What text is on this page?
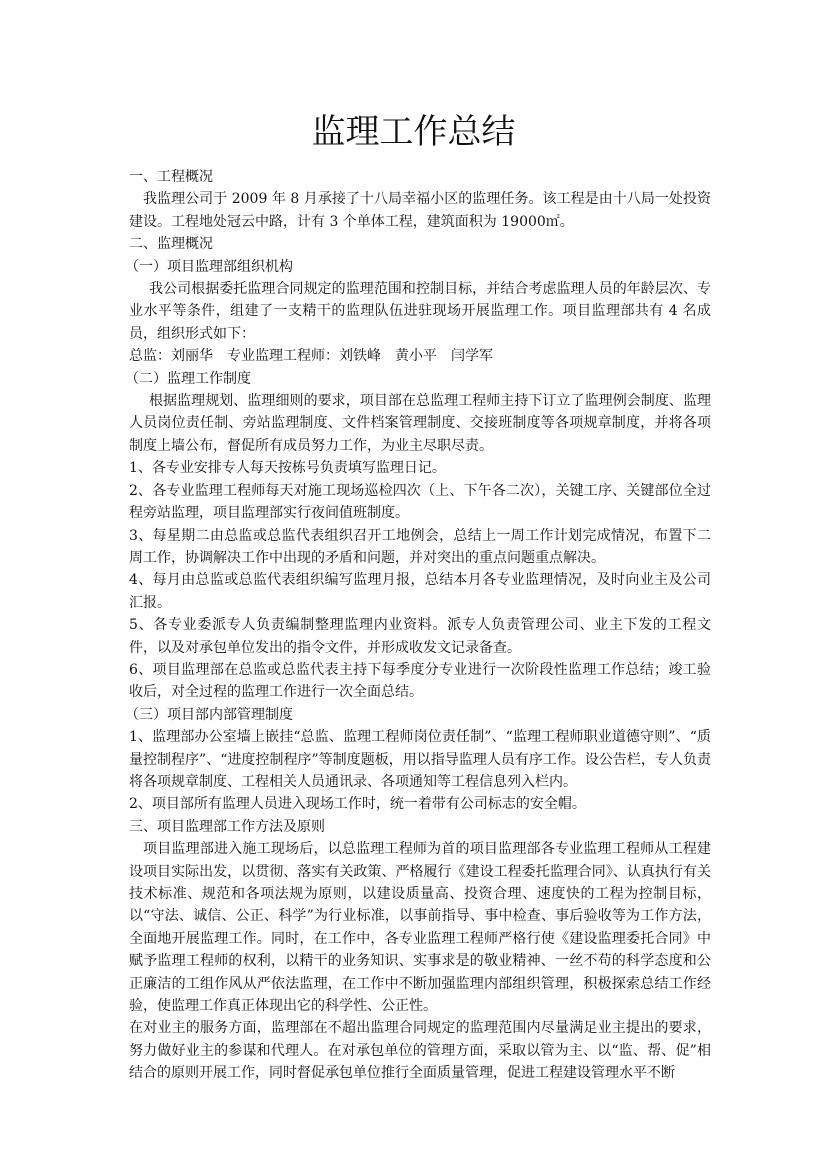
监理工作总结

一、工程概况

我监理公司于 2009 年 8 月承接了十八局幸福小区的监理任务。该工程是由十八局一处投资建设。工程地处冠云中路，计有 3 个单体工程，建筑面积为 19000㎡。

二、监理概况

（一）项目监理部组织机构

我公司根据委托监理合同规定的监理范围和控制目标，并结合考虑监理人员的年龄层次、专业水平等条件，组建了一支精干的监理队伍进驻现场开展监理工作。项目监理部共有 4 名成员，组织形式如下：

总监：刘丽华　专业监理工程师：刘铁峰　黄小平　闫学军

（二）监理工作制度

根据监理规划、监理细则的要求，项目部在总监理工程师主持下订立了监理例会制度、监理人员岗位责任制、旁站监理制度、文件档案管理制度、交接班制度等各项规章制度，并将各项制度上墙公布，督促所有成员努力工作，为业主尽职尽责。

1、各专业安排专人每天按栋号负责填写监理日记。

2、各专业监理工程师每天对施工现场巡检四次（上、下午各二次），关键工序、关键部位全过程旁站监理，项目监理部实行夜间值班制度。

3、每星期二由总监或总监代表组织召开工地例会，总结上一周工作计划完成情况，布置下二周工作，协调解决工作中出现的矛盾和问题，并对突出的重点问题重点解决。

4、每月由总监或总监代表组织编写监理月报，总结本月各专业监理情况，及时向业主及公司汇报。

5、各专业委派专人负责编制整理监理内业资料。派专人负责管理公司、业主下发的工程文件，以及对承包单位发出的指令文件，并形成收发文记录备查。

6、项目监理部在总监或总监代表主持下每季度分专业进行一次阶段性监理工作总结；竣工验收后，对全过程的监理工作进行一次全面总结。

（三）项目部内部管理制度

1、监理部办公室墙上嵌挂“总监、监理工程师岗位责任制”、“监理工程师职业道德守则”、“质量控制程序”、“进度控制程序”等制度题板，用以指导监理人员有序工作。设公告栏，专人负责将各项规章制度、工程相关人员通讯录、各项通知等工程信息列入栏内。

2、项目部所有监理人员进入现场工作时，统一着带有公司标志的安全帽。

三、项目监理部工作方法及原则

项目监理部进入施工现场后，以总监理工程师为首的项目监理部各专业监理工程师从工程建设项目实际出发，以贯彻、落实有关政策、严格履行《建设工程委托监理合同》、认真执行有关技术标准、规范和各项法规为原则，以建设质量高、投资合理、速度快的工程为控制目标，以“守法、诚信、公正、科学”为行业标准，以事前指导、事中检查、事后验收等为工作方法，全面地开展监理工作。同时，在工作中，各专业监理工程师严格行使《建设监理委托合同》中赋予监理工程师的权利，以精干的业务知识、实事求是的敬业精神、一丝不苟的科学态度和公正廉洁的工组作风从严依法监理，在工作中不断加强监理内部组织管理，积极探索总结工作经验，使监理工作真正体现出它的科学性、公正性。

在对业主的服务方面，监理部在不超出监理合同规定的监理范围内尽量满足业主提出的要求，努力做好业主的参谋和代理人。在对承包单位的管理方面，采取以管为主、以“监、帮、促”相结合的原则开展工作，同时督促承包单位推行全面质量管理，促进工程建设管理水平不断
